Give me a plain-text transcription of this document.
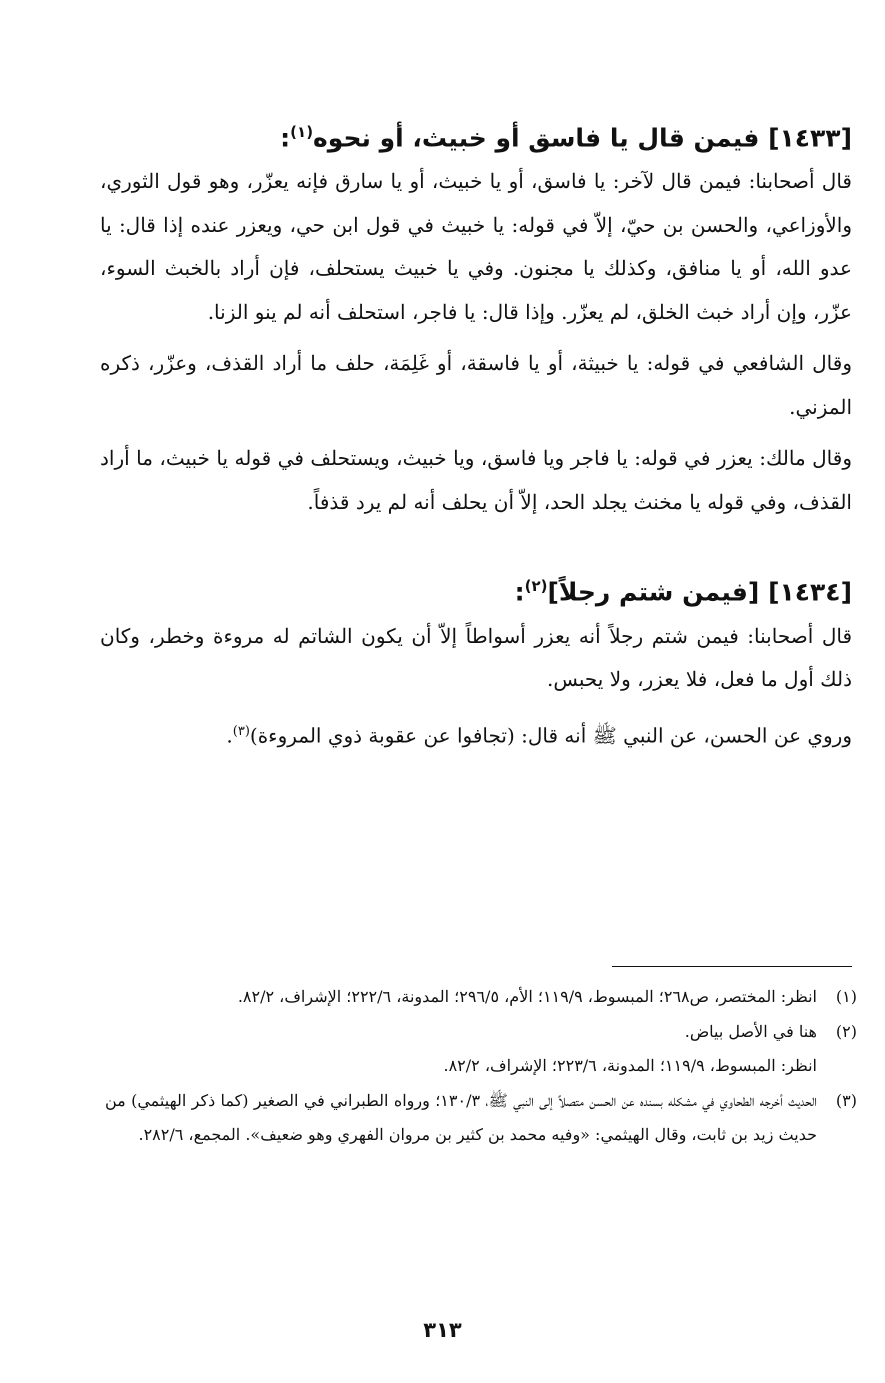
[١٤٣٣] فيمن قال يا فاسق أو خبيث، أو نحوه$^{(١)}$:

قال أصحابنا: فيمن قال لآخر: يا فاسق، أو يا خبيث، أو يا سارق فإنه يعزّر، وهو قول الثوري، والأوزاعي، والحسن بن حيّ، إلاّ في قوله: يا خبيث في قول ابن حي، ويعزر عنده إذا قال: يا عدو الله، أو يا منافق، وكذلك يا مجنون. وفي يا خبيث يستحلف، فإن أراد بالخبث السوء، عزّر، وإن أراد خبث الخلق، لم يعزّر. وإذا قال: يا فاجر، استحلف أنه لم ينو الزنا.

وقال الشافعي في قوله: يا خبيثة، أو يا فاسقة، أو غَلِمَة، حلف ما أراد القذف، وعزّر، ذكره المزني.

وقال مالك: يعزر في قوله: يا فاجر ويا فاسق، ويا خبيث، ويستحلف في قوله يا خبيث، ما أراد القذف، وفي قوله يا مخنث يجلد الحد، إلاّ أن يحلف أنه لم يرد قذفاً.

[١٤٣٤] [فيمن شتم رجلاً]$^{(٢)}$:

قال أصحابنا: فيمن شتم رجلاً أنه يعزر أسواطاً إلاّ أن يكون الشاتم له مروءة وخطر، وكان ذلك أول ما فعل، فلا يعزر، ولا يحبس.

وروي عن الحسن، عن النبي ﷺ أنه قال: (تجافوا عن عقوبة ذوي المروءة)$^{(٣)}$.

(١)
انظر: المختصر، ص٢٦٨؛ المبسوط، ١١٩/٩؛ الأم، ٢٩٦/٥؛ المدونة، ٢٢٢/٦؛ الإشراف، ٨٢/٢.
(٢)
هنا في الأصل بياض.
انظر: المبسوط، ١١٩/٩؛ المدونة، ٢٢٣/٦؛ الإشراف، ٨٢/٢.
(٣)
الحديث أخرجه الطحاوي في مشكله بسنده عن الحسن متصلاً إلى النبي ﷺ، ١٣٠/٣؛ ورواه الطبراني في الصغير (كما ذكر الهيثمي) من حديث زيد بن ثابت، وقال الهيثمي: «وفيه محمد بن كثير بن مروان الفهري وهو ضعيف». المجمع، ٢٨٢/٦.
٣١٣
